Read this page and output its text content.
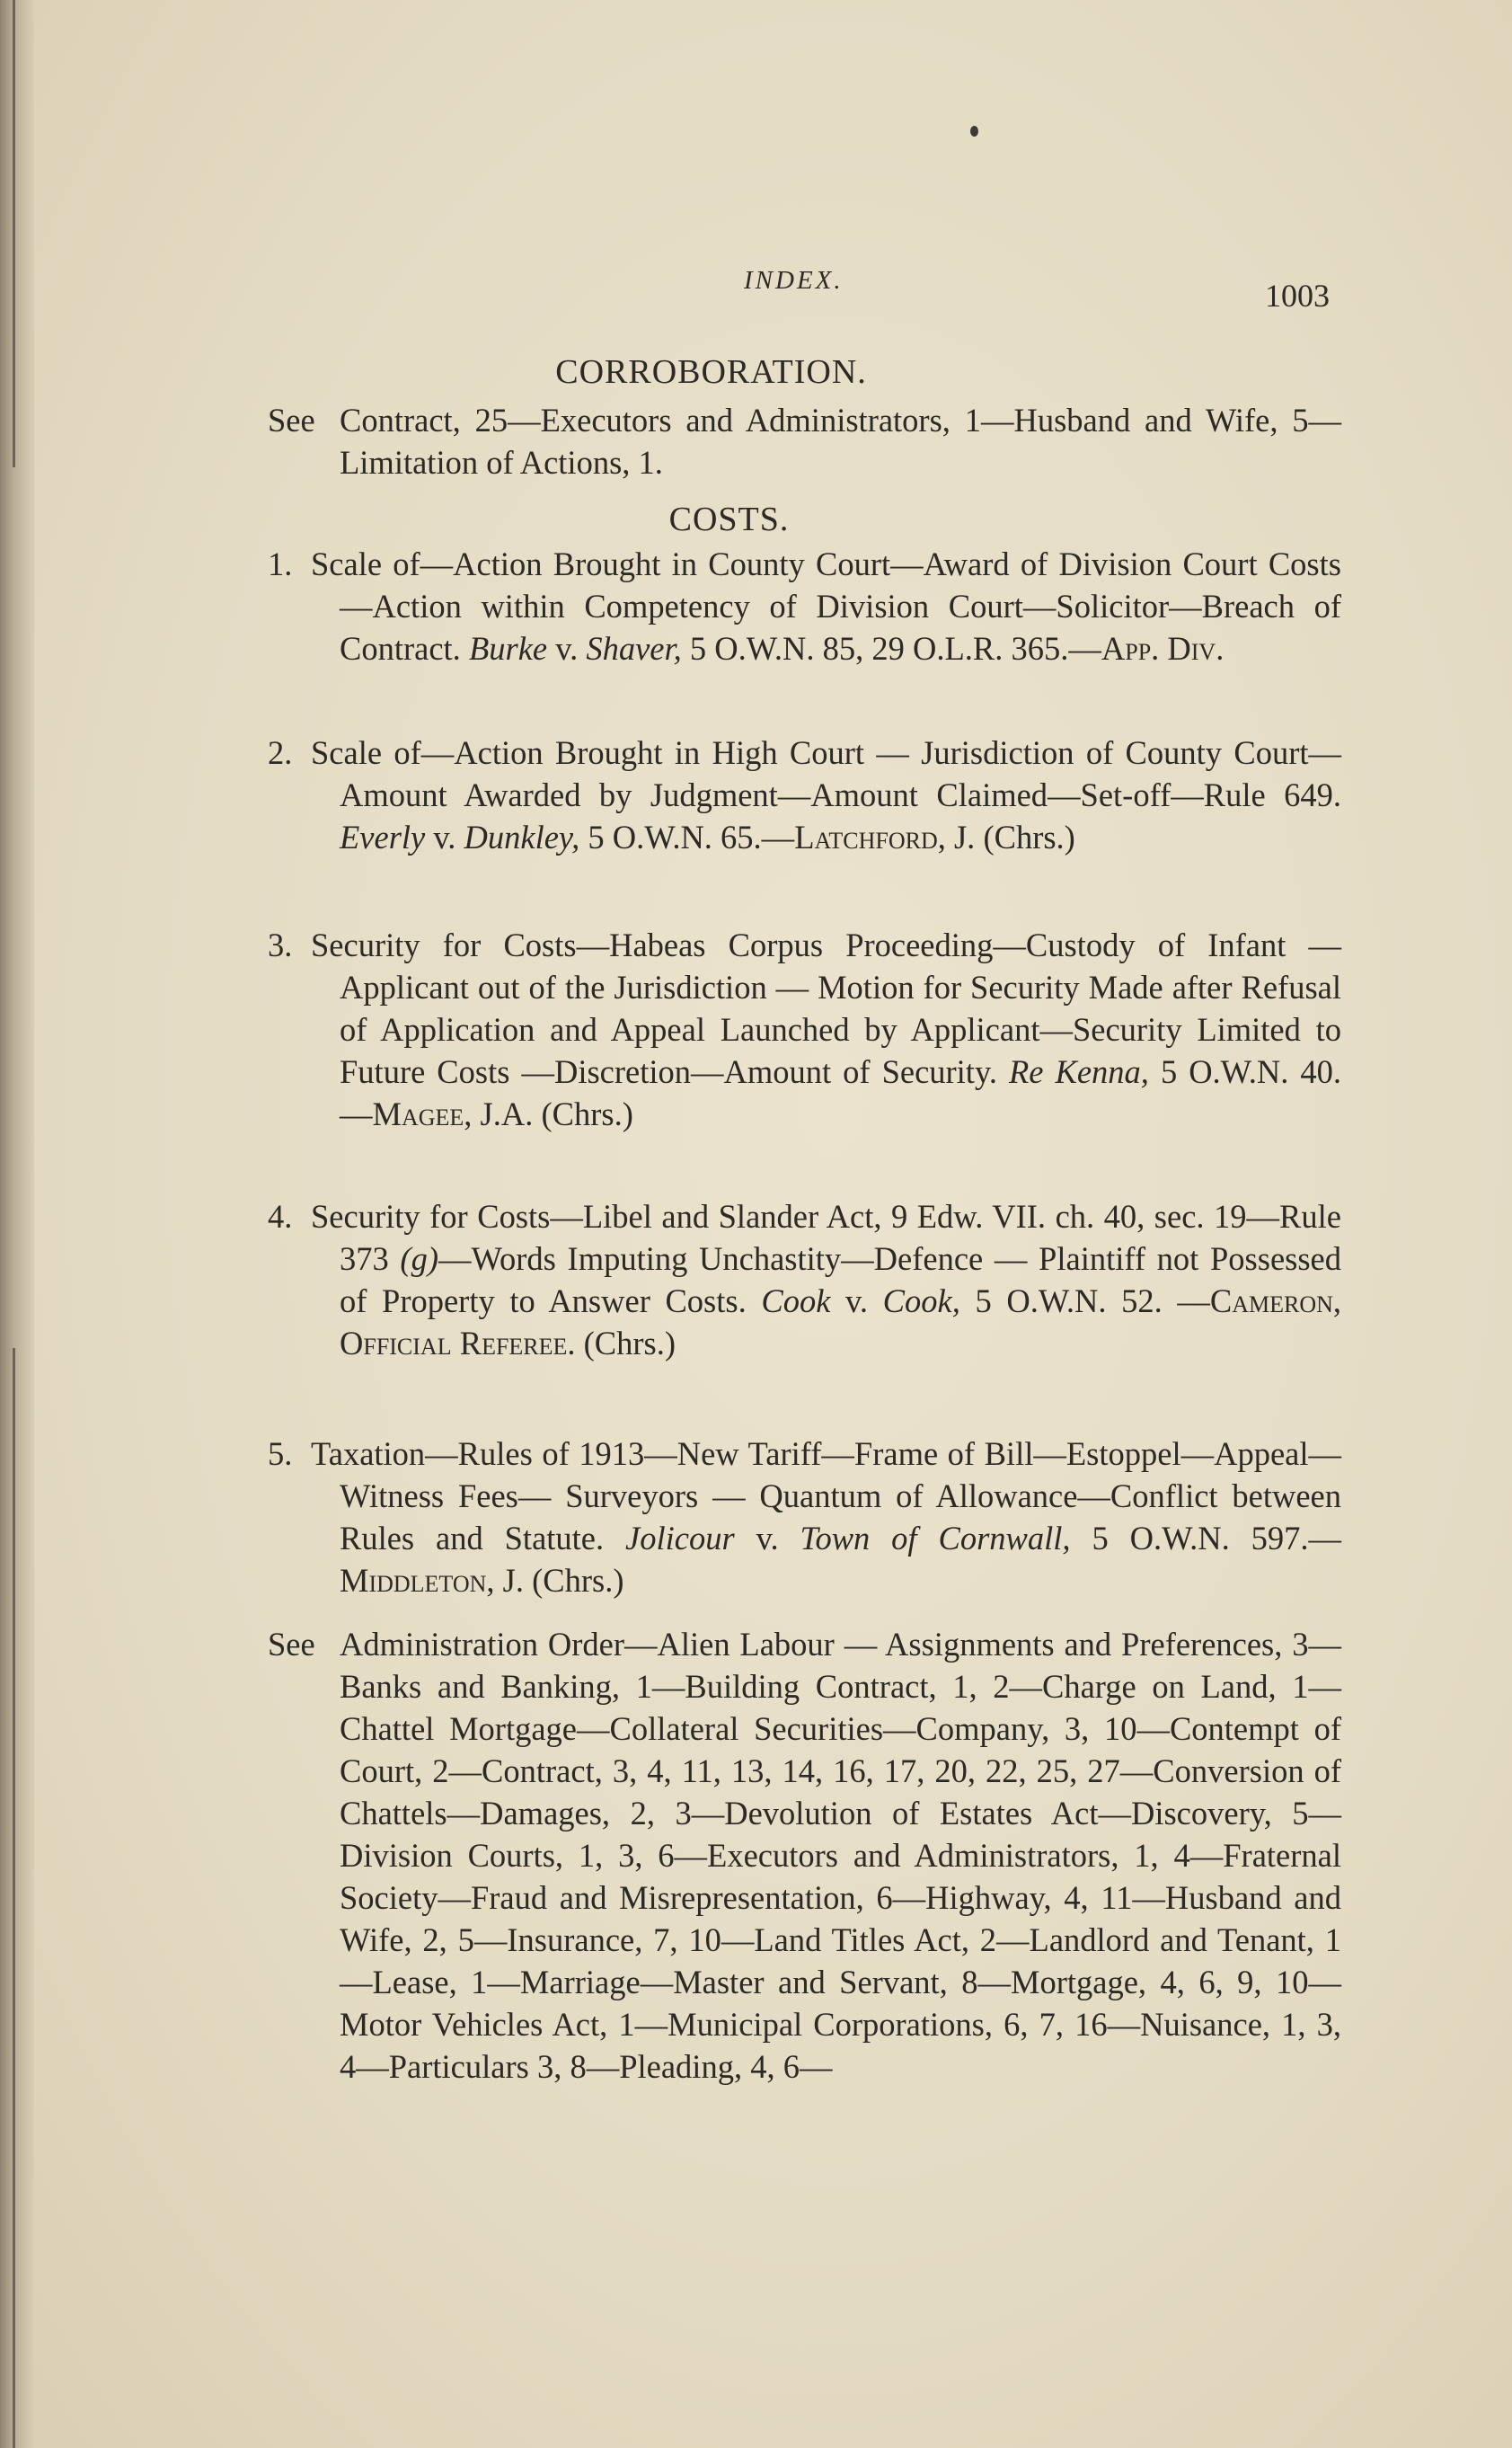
INDEX.	1003
CORROBORATION.
See Contract, 25—Executors and Administrators, 1—Husband and Wife, 5—Limitation of Actions, 1.
COSTS.
1. Scale of—Action Brought in County Court—Award of Division Court Costs—Action within Competency of Division Court—Solicitor—Breach of Contract. Burke v. Shaver, 5 O.W.N. 85, 29 O.L.R. 365.—App. Div.
2. Scale of—Action Brought in High Court — Jurisdiction of County Court—Amount Awarded by Judgment—Amount Claimed—Set-off—Rule 649. Everly v. Dunkley, 5 O.W.N. 65.—Latchford, J. (Chrs.)
3. Security for Costs—Habeas Corpus Proceeding—Custody of Infant — Applicant out of the Jurisdiction — Motion for Security Made after Refusal of Application and Appeal Launched by Applicant—Security Limited to Future Costs —Discretion—Amount of Security. Re Kenna, 5 O.W.N. 40. —Magee, J.A. (Chrs.)
4. Security for Costs—Libel and Slander Act, 9 Edw. VII. ch. 40, sec. 19—Rule 373 (g)—Words Imputing Unchastity—Defence — Plaintiff not Possessed of Property to Answer Costs. Cook v. Cook, 5 O.W.N. 52. —Cameron, Official Referee. (Chrs.)
5. Taxation—Rules of 1913—New Tariff—Frame of Bill—Estoppel—Appeal—Witness Fees— Surveyors — Quantum of Allowance—Conflict between Rules and Statute. Jolicour v. Town of Cornwall, 5 O.W.N. 597.—Middleton, J. (Chrs.)
See Administration Order—Alien Labour — Assignments and Preferences, 3—Banks and Banking, 1—Building Contract, 1, 2—Charge on Land, 1—Chattel Mortgage—Collateral Securities—Company, 3, 10—Contempt of Court, 2—Contract, 3, 4, 11, 13, 14, 16, 17, 20, 22, 25, 27—Conversion of Chattels—Damages, 2, 3—Devolution of Estates Act—Discovery, 5—Division Courts, 1, 3, 6—Executors and Administrators, 1, 4—Fraternal Society—Fraud and Misrepresentation, 6—Highway, 4, 11—Husband and Wife, 2, 5—Insurance, 7, 10—Land Titles Act, 2—Landlord and Tenant, 1—Lease, 1—Marriage—Master and Servant, 8—Mortgage, 4, 6, 9, 10—Motor Vehicles Act, 1—Municipal Corporations, 6, 7, 16—Nuisance, 1, 3, 4—Particulars 3, 8—Pleading, 4, 6—
